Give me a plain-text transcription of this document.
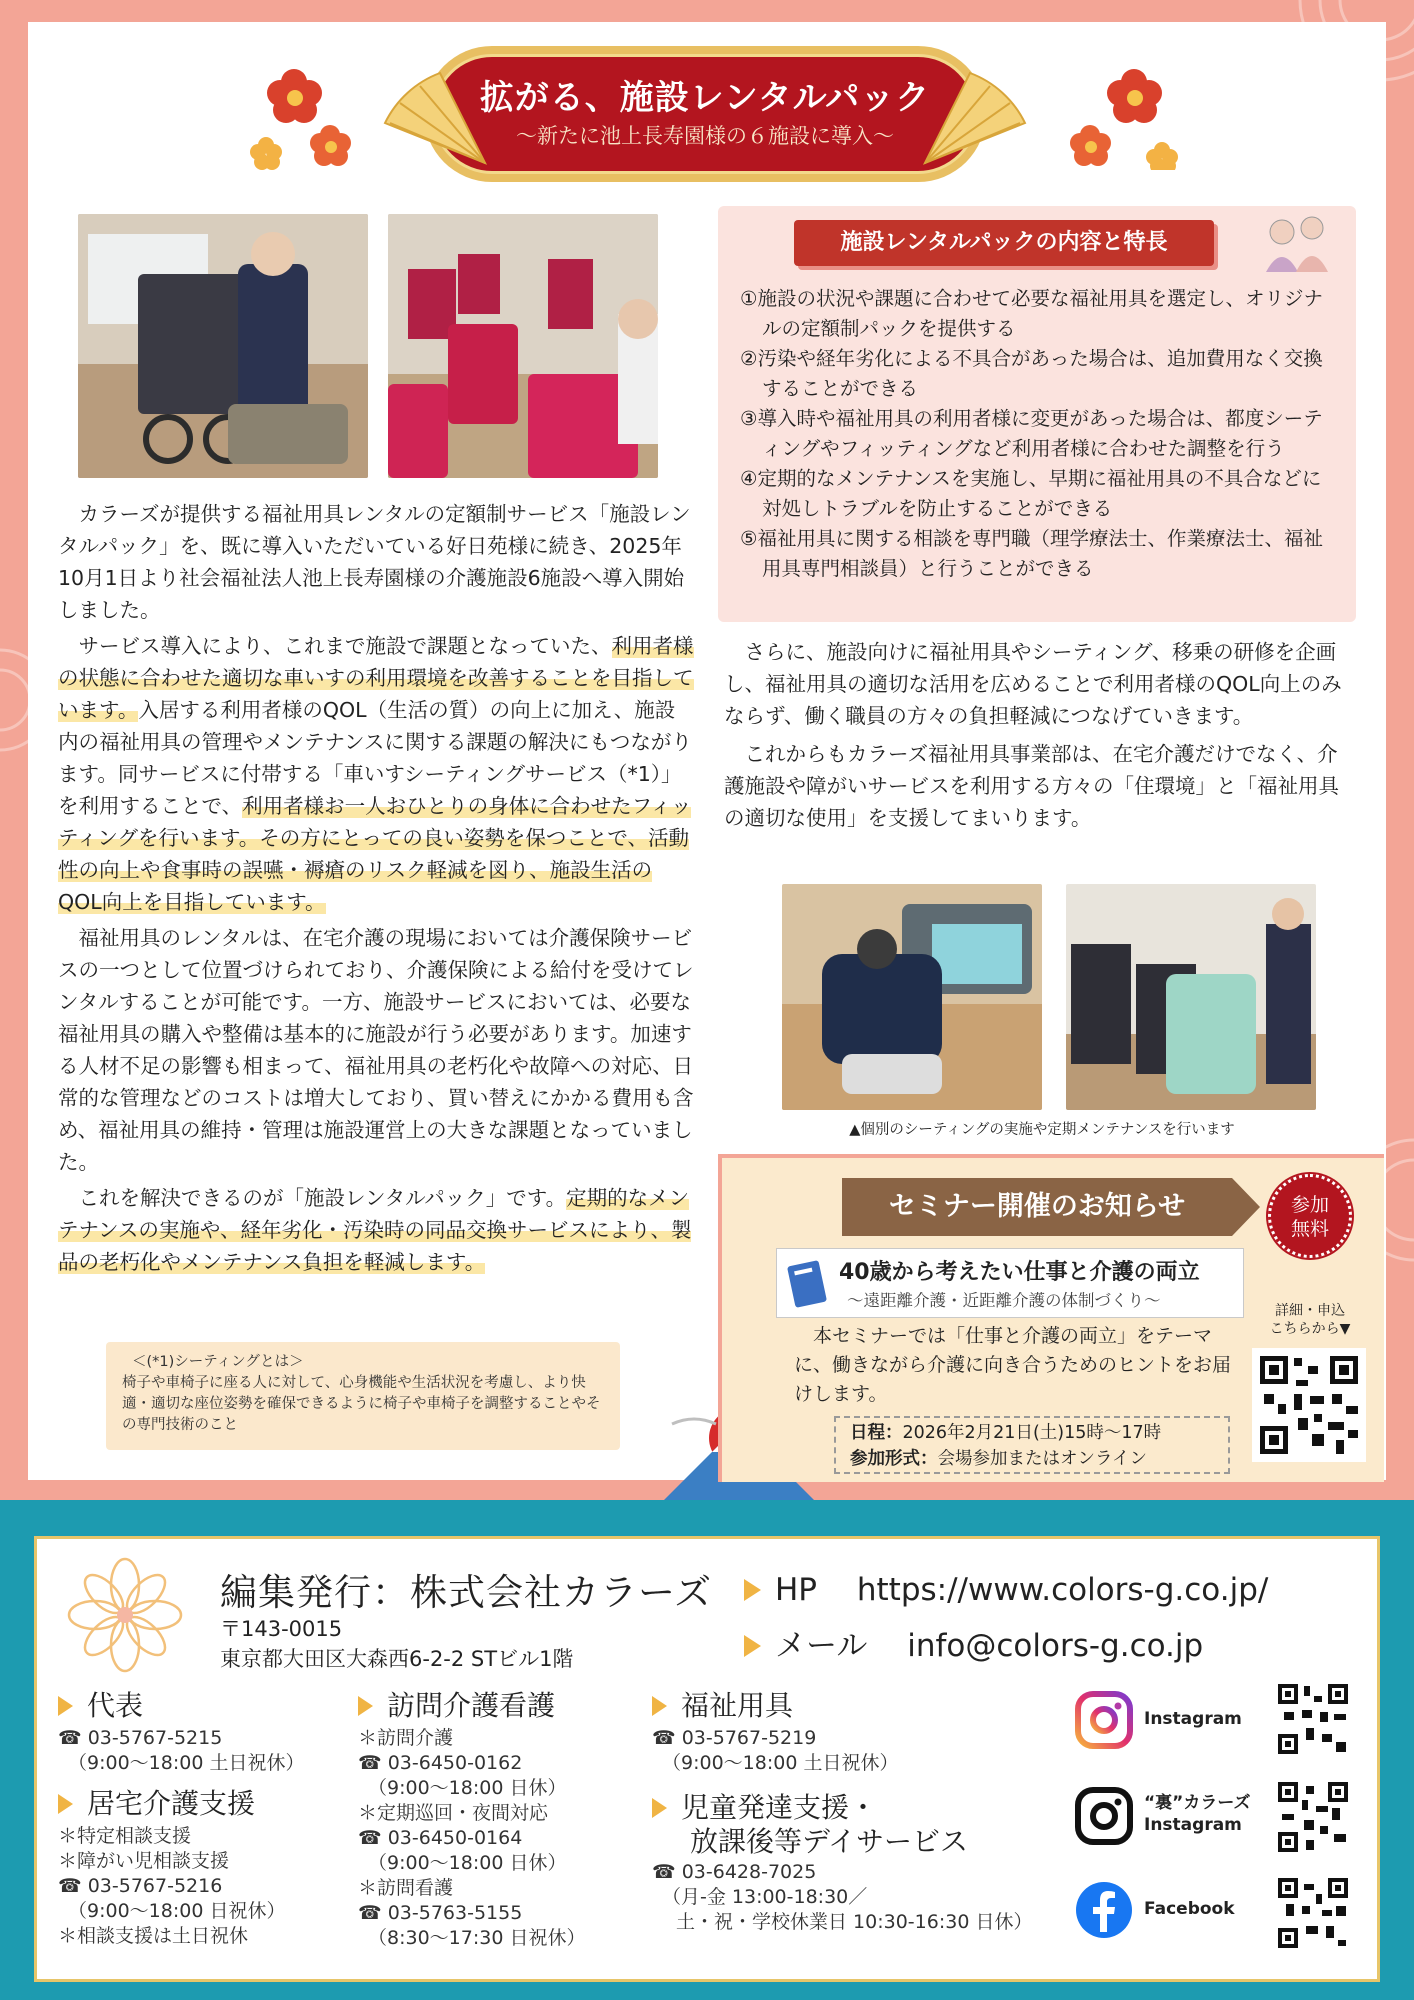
拡がる、施設レンタルパック
～新たに池上長寿園様の６施設に導入～

カラーズが提供する福祉用具レンタルの定額制サービス「施設レンタルパック」を、既に導入いただいている好日苑様に続き、2025年10月1日より社会福祉法人池上長寿園様の介護施設6施設へ導入開始しました。

サービス導入により、これまで施設で課題となっていた、利用者様の状態に合わせた適切な車いすの利用環境を改善することを目指しています。入居する利用者様のQOL（生活の質）の向上に加え、施設内の福祉用具の管理やメンテナンスに関する課題の解決にもつながります。同サービスに付帯する「車いすシーティングサービス（*1）」を利用することで、利用者様お一人おひとりの身体に合わせたフィッティングを行います。その方にとっての良い姿勢を保つことで、活動性の向上や食事時の誤嚥・褥瘡のリスク軽減を図り、施設生活のQOL向上を目指しています。

福祉用具のレンタルは、在宅介護の現場においては介護保険サービスの一つとして位置づけられており、介護保険による給付を受けてレンタルすることが可能です。一方、施設サービスにおいては、必要な福祉用具の購入や整備は基本的に施設が行う必要があります。加速する人材不足の影響も相まって、福祉用具の老朽化や故障への対応、日常的な管理などのコストは増大しており、買い替えにかかる費用も含め、福祉用具の維持・管理は施設運営上の大きな課題となっていました。

これを解決できるのが「施設レンタルパック」です。定期的なメンテナンスの実施や、経年劣化・汚染時の同品交換サービスにより、製品の老朽化やメンテナンス負担を軽減します。

＜(*1)シーティングとは＞
椅子や車椅子に座る人に対して、心身機能や生活状況を考慮し、より快適・適切な座位姿勢を確保できるように椅子や車椅子を調整することやその専門技術のこと
施設レンタルパックの内容と特長
①施設の状況や課題に合わせて必要な福祉用具を選定し、オリジナルの定額制パックを提供する
②汚染や経年劣化による不具合があった場合は、追加費用なく交換することができる
③導入時や福祉用具の利用者様に変更があった場合は、都度シーティングやフィッティングなど利用者様に合わせた調整を行う
④定期的なメンテナンスを実施し、早期に福祉用具の不具合などに対処しトラブルを防止することができる
⑤福祉用具に関する相談を専門職（理学療法士、作業療法士、福祉用具専門相談員）と行うことができる

さらに、施設向けに福祉用具やシーティング、移乗の研修を企画し、福祉用具の適切な活用を広めることで利用者様のQOL向上のみならず、働く職員の方々の負担軽減につなげていきます。

これからもカラーズ福祉用具事業部は、在宅介護だけでなく、介護施設や障がいサービスを利用する方々の「住環境」と「福祉用具の適切な使用」を支援してまいります。

▲個別のシーティングの実施や定期メンテナンスを行います
セミナー開催のお知らせ	参加
無料
40歳から考えたい仕事と介護の両立
～遠距離介護・近距離介護の体制づくり～

本セミナーでは「仕事と介護の両立」をテーマに、働きながら介護に向き合うためのヒントをお届けします。

日程：2026年2月21日(土)15時～17時
参加形式：会場参加またはオンライン
詳細・申込
こちらから▼
編集発行：株式会社カラーズ
〒143-0015
東京都大田区大森西6-2-2 STビル1階
HP https://www.colors-g.co.jp/
メール info@colors-g.co.jp
代表
☎ 03-5767-5215
（9:00～18:00 土日祝休）
居宅介護支援
＊特定相談支援
＊障がい児相談支援
☎ 03-5767-5216
（9:00～18:00 日祝休）
＊相談支援は土日祝休
訪問介護看護
＊訪問介護
☎ 03-6450-0162
（9:00～18:00 日休）
＊定期巡回・夜間対応
☎ 03-6450-0164
（9:00～18:00 日休）
＊訪問看護
☎ 03-5763-5155
（8:30～17:30 日祝休）
福祉用具
☎ 03-5767-5219
（9:00～18:00 土日祝休）
児童発達支援・
放課後等デイサービス
☎ 03-6428-7025
（月-金 13:00-18:30／
土・祝・学校休業日 10:30-16:30 日休）
Instagram
“裏”カラーズ
Instagram
Facebook
